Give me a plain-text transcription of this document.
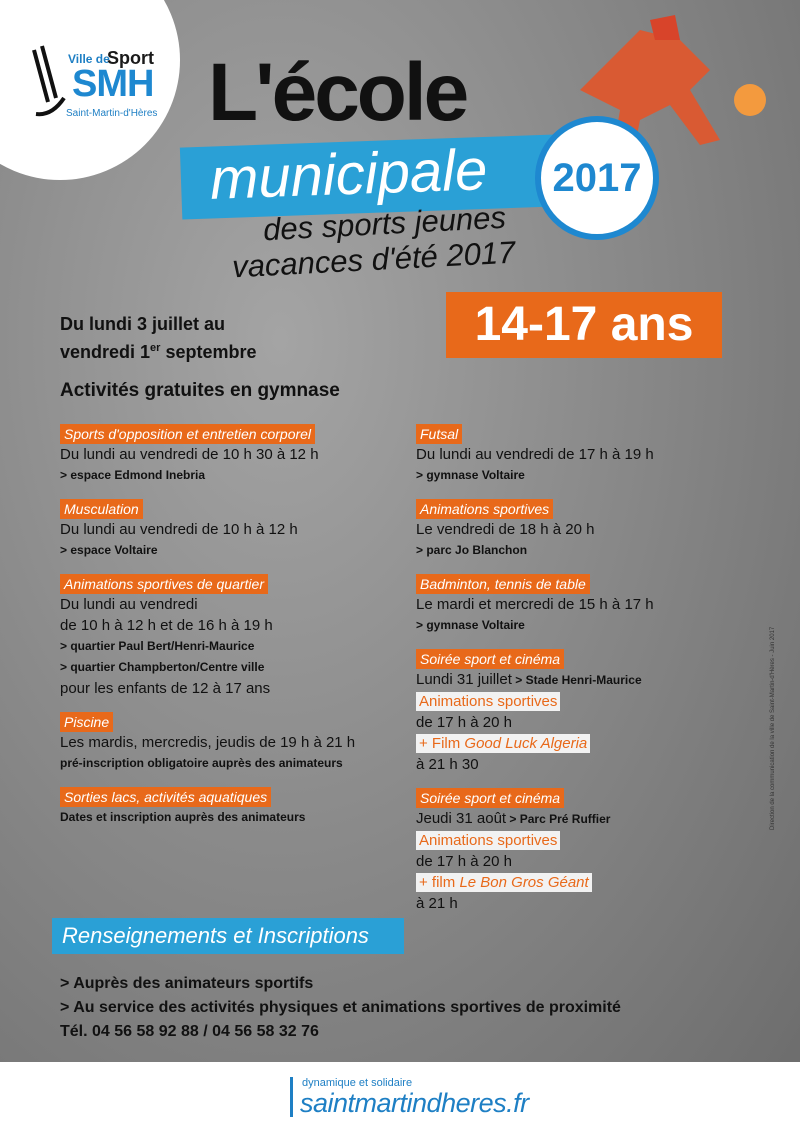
Ville de
Sport
SMH
Saint-Martin-d'Hères L'école
municipale 2017
des sports jeunes
vacances d'été 2017
14-17 ans
Du lundi 3 juillet au
vendredi 1er septembre
Activités gratuites en gymnase
Sports d'opposition et entretien corporel
Du lundi au vendredi de 10 h 30 à 12 h
> espace Edmond Inebria
Musculation
Du lundi au vendredi de 10 h à 12 h
> espace Voltaire
Animations sportives de quartier
Du lundi au vendredi
de 10 h à 12 h et de 16 h à 19 h
> quartier Paul Bert/Henri-Maurice
> quartier Champberton/Centre ville
pour les enfants de 12 à 17 ans
Piscine
Les mardis, mercredis, jeudis de 19 h à 21 h
pré-inscription obligatoire auprès des animateurs
Sorties lacs, activités aquatiques
Dates et inscription auprès des animateurs
Futsal
Du lundi au vendredi de 17 h à 19 h
> gymnase Voltaire
Animations sportives
Le vendredi de 18 h à 20 h
> parc Jo Blanchon
Badminton, tennis de table
Le mardi et mercredi de 15 h à 17 h
> gymnase Voltaire
Soirée sport et cinéma
Lundi 31 juillet > Stade Henri-Maurice
Animations sportives
de 17 h à 20 h
+ Film Good Luck Algeria
à 21 h 30
Soirée sport et cinéma
Jeudi 31 août > Parc Pré Ruffier
Animations sportives
de 17 h à 20 h
+ film Le Bon Gros Géant
à 21 h
Direction de la communication de la ville de Saint-Martin-d'Hères - Juin 2017
Renseignements et Inscriptions
> Auprès des animateurs sportifs
> Au service des activités physiques et animations sportives de proximité
Tél. 04 56 58 92 88 / 04 56 58 32 76
dynamique et solidaire
saintmartindheres.fr
